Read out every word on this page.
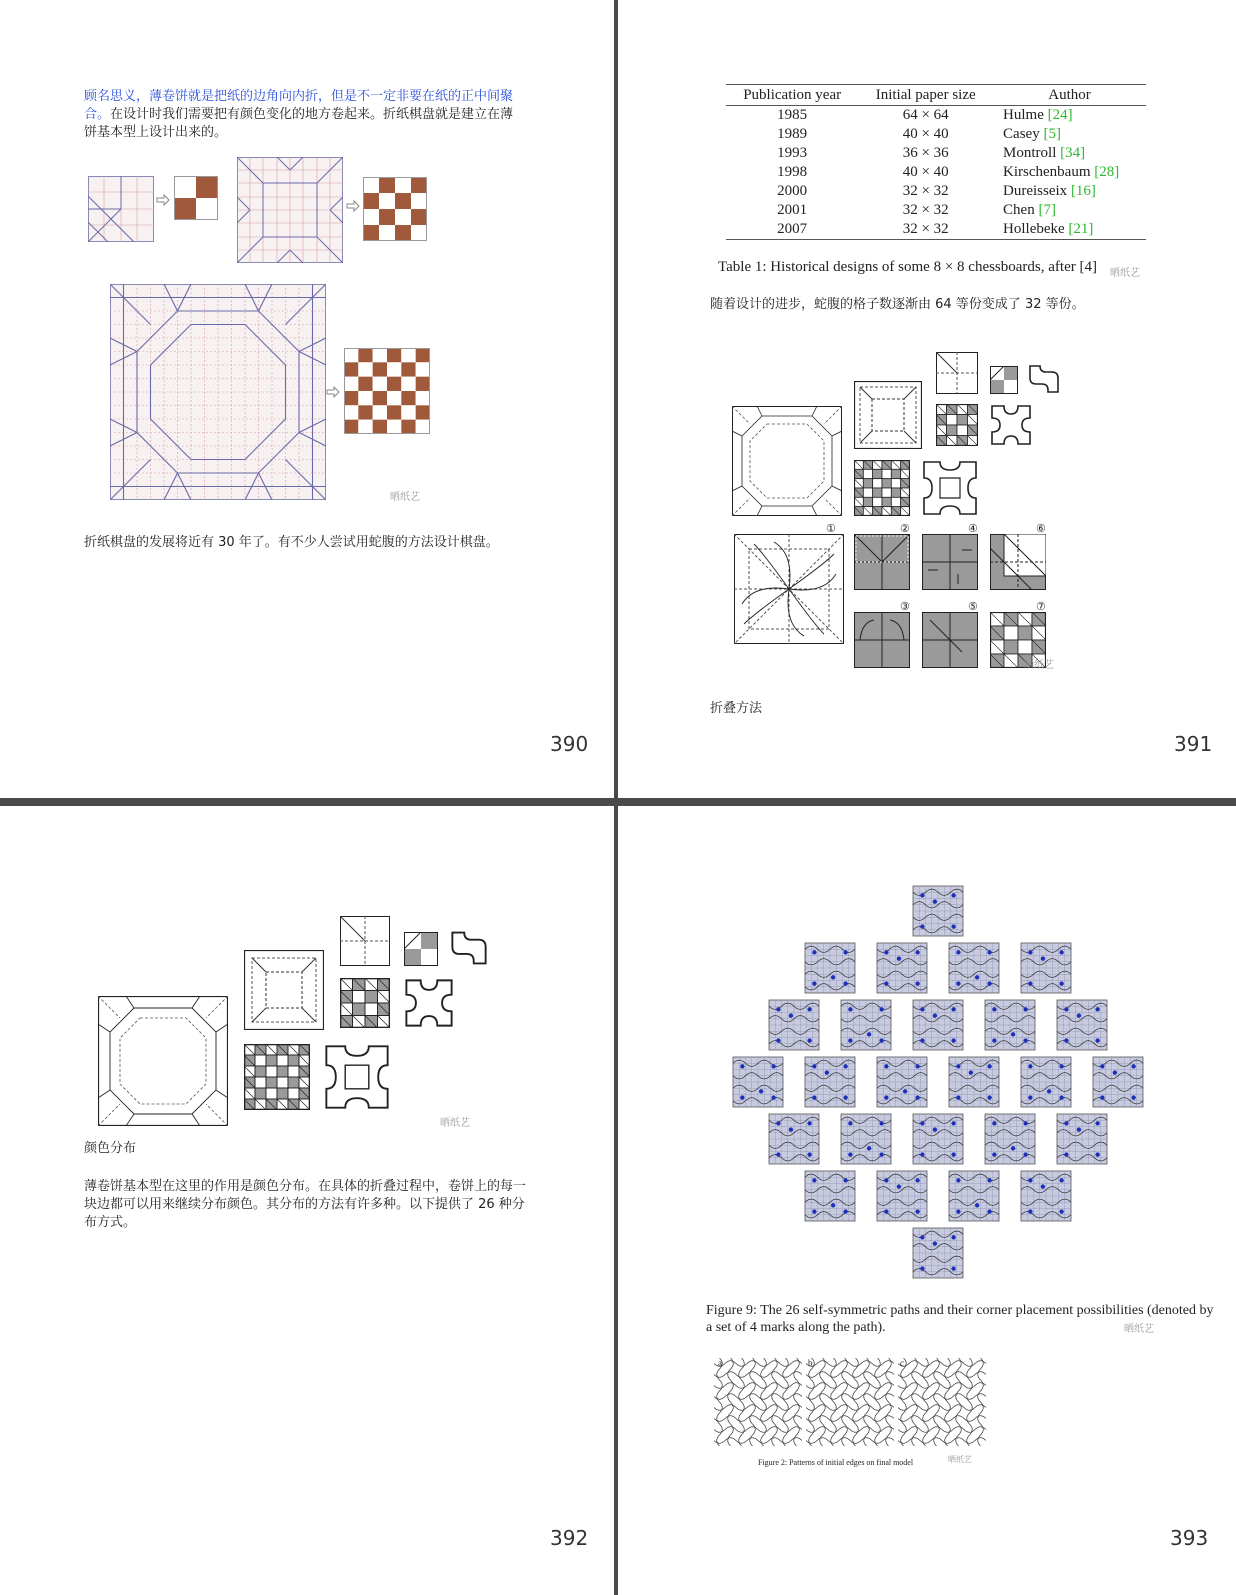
顾名思义，薄卷饼就是把纸的边角向内折，但是不一定非要在纸的正中间聚合。在设计时我们需要把有颜色变化的地方卷起来。折纸棋盘就是建立在薄饼基本型上设计出来的。
晒纸艺
折纸棋盘的发展将近有 30 年了。有不少人尝试用蛇腹的方法设计棋盘。
390
Publication year	Initial paper size	Author
1985	64 × 64	Hulme [24]
1989	40 × 40	Casey [5]
1993	36 × 36	Montroll [34]
1998	40 × 40	Kirschenbaum [28]
2000	32 × 32	Dureisseix [16]
2001	32 × 32	Chen [7]
2007	32 × 32	Hollebeke [21]
Table 1: Historical designs of some 8 × 8 chessboards, after [4]	晒纸艺
随着设计的进步，蛇腹的格子数逐渐由 64 等份变成了 32 等份。
①	②
③
④
⑤
⑥
⑦
晒纸艺
折叠方法
391
晒纸艺
颜色分布
薄卷饼基本型在这里的作用是颜色分布。在具体的折叠过程中，卷饼上的每一块边都可以用来继续分布颜色。其分布的方法有许多种。以下提供了 26 种分布方式。
392
Figure 9: The 26 self-symmetric paths and their corner placement possibilities (denoted by a set of 4 marks along the path).	晒纸艺
a	b	c
Figure 2: Patterns of initial edges on final model	晒纸艺
393
